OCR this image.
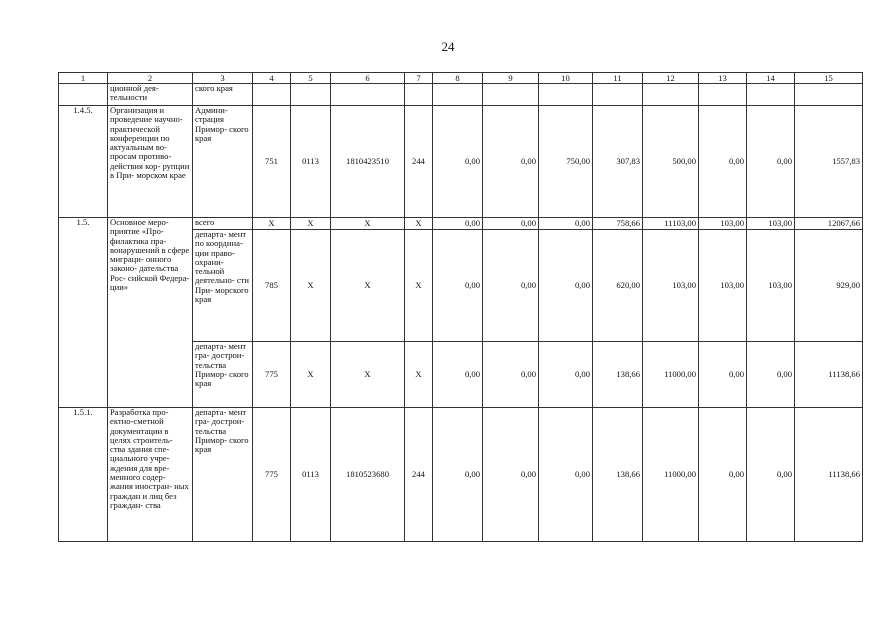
24
1	2	3	4	5	6	7	8	9	10	11	12	13	14	15
	ционной дея- тельности	ского края												
1.4.5.	Организация и проведение научно- практической конференции по актуальным во- просам противо- действия кор- рупции в При- морском крае	Админи- страция Примор- ского края	751	0113	1810423510	244	0,00	0,00	750,00	307,83	500,00	0,00	0,00	1557,83
1.5.	Основное меро- приятие «Про- филактика пра- вонарушений в сфере миграци- онного законо- дательства Рос- сийской Федера- ции»	всего	X	X	X	X	0,00	0,00	0,00	758,66	11103,00	103,00	103,00	12067,66
		департа- мент по координа- ции право- охрани- тельной деятельно- сти При- морского края	785	X	X	X	0,00	0,00	0,00	620,00	103,00	103,00	103,00	929,00
		департа- мент гра- дострои- тельства Примор- ского края	775	X	X	X	0,00	0,00	0,00	138,66	11000,00	0,00	0,00	11138,66
1.5.1.	Разработка про- ектно-сметной документации в целях строитель- ства здания спе- циального учре- ждения для вре- менного содер- жания иностран- ных граждан и лиц без граждан- ства	департа- мент гра- дострои- тельства Примор- ского края	775	0113	1810523680	244	0,00	0,00	0,00	138,66	11000,00	0,00	0,00	11138,66
